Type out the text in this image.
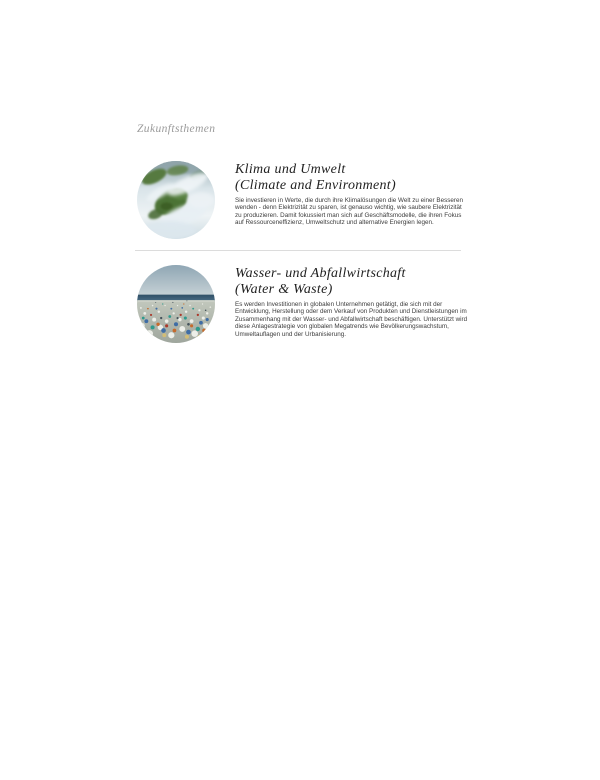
Zukunftsthemen
Klima und Umwelt
(Climate and Environment)

Sie investieren in Werte, die durch ihre Klimalösungen die Welt zu einer Besseren wenden - denn Elektrizität zu sparen, ist genauso wichtig, wie saubere Elektrizität zu produzieren. Damit fokussiert man sich auf Geschäftsmodelle, die ihren Fokus auf Ressourceneffizienz, Umweltschutz und alternative Energien legen.

Wasser- und Abfallwirtschaft
(Water & Waste)

Es werden Investitionen in globalen Unternehmen getätigt, die sich mit der Entwicklung, Herstellung oder dem Verkauf von Produkten und Dienstleistungen im Zusammenhang mit der Wasser- und Abfallwirtschaft beschäftigen. Unterstützt wird diese Anlagestrategie von globalen Megatrends wie Bevölkerungswachstum, Umweltauflagen und der Urbanisierung.
